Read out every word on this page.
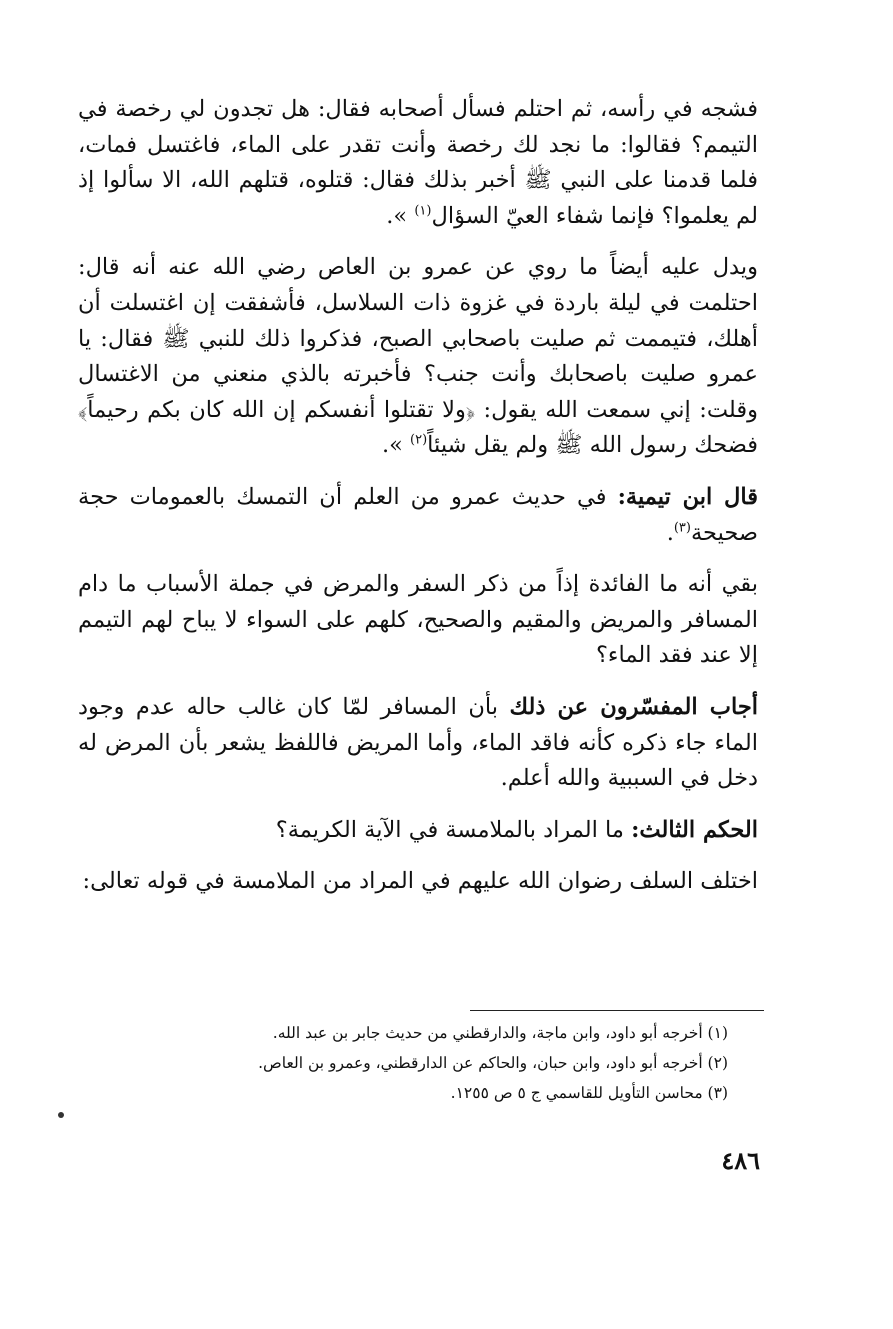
فشجه في رأسه، ثم احتلم فسأل أصحابه فقال: هل تجدون لي رخصة في التيمم؟ فقالوا: ما نجد لك رخصة وأنت تقدر على الماء، فاغتسل فمات، فلما قدمنا على النبي ﷺ أخبر بذلك فقال: قتلوه، قتلهم الله، الا سألوا إذ لم يعلموا؟ فإنما شفاء العيّ السؤال$^{(١)}$ ».

ويدل عليه أيضاً ما روي عن عمرو بن العاص رضي الله عنه أنه قال: احتلمت في ليلة باردة في غزوة ذات السلاسل، فأشفقت إن اغتسلت أن أهلك، فتيممت ثم صليت باصحابي الصبح، فذكروا ذلك للنبي ﷺ فقال: يا عمرو صليت باصحابك وأنت جنب؟ فأخبرته بالذي منعني من الاغتسال وقلت: إني سمعت الله يقول: ﴿ولا تقتلوا أنفسكم إن الله كان بكم رحيماً﴾ فضحك رسول الله ﷺ ولم يقل شيئاً$^{(٢)}$ ».

قال ابن تيمية: في حديث عمرو من العلم أن التمسك بالعمومات حجة صحيحة$^{(٣)}$.

بقي أنه ما الفائدة إذاً من ذكر السفر والمرض في جملة الأسباب ما دام المسافر والمريض والمقيم والصحيح، كلهم على السواء لا يباح لهم التيمم إلا عند فقد الماء؟

أجاب المفسّرون عن ذلك بأن المسافر لمّا كان غالب حاله عدم وجود الماء جاء ذكره كأنه فاقد الماء، وأما المريض فاللفظ يشعر بأن المرض له دخل في السببية والله أعلم.

الحكم الثالث: ما المراد بالملامسة في الآية الكريمة؟

اختلف السلف رضوان الله عليهم في المراد من الملامسة في قوله تعالى:

(١) أخرجه أبو داود، وابن ماجة، والدارقطني من حديث جابر بن عبد الله.
(٢) أخرجه أبو داود، وابن حبان، والحاكم عن الدارقطني، وعمرو بن العاص.
(٣) محاسن التأويل للقاسمي ج ٥ ص ١٢٥٥.
٤٨٦
